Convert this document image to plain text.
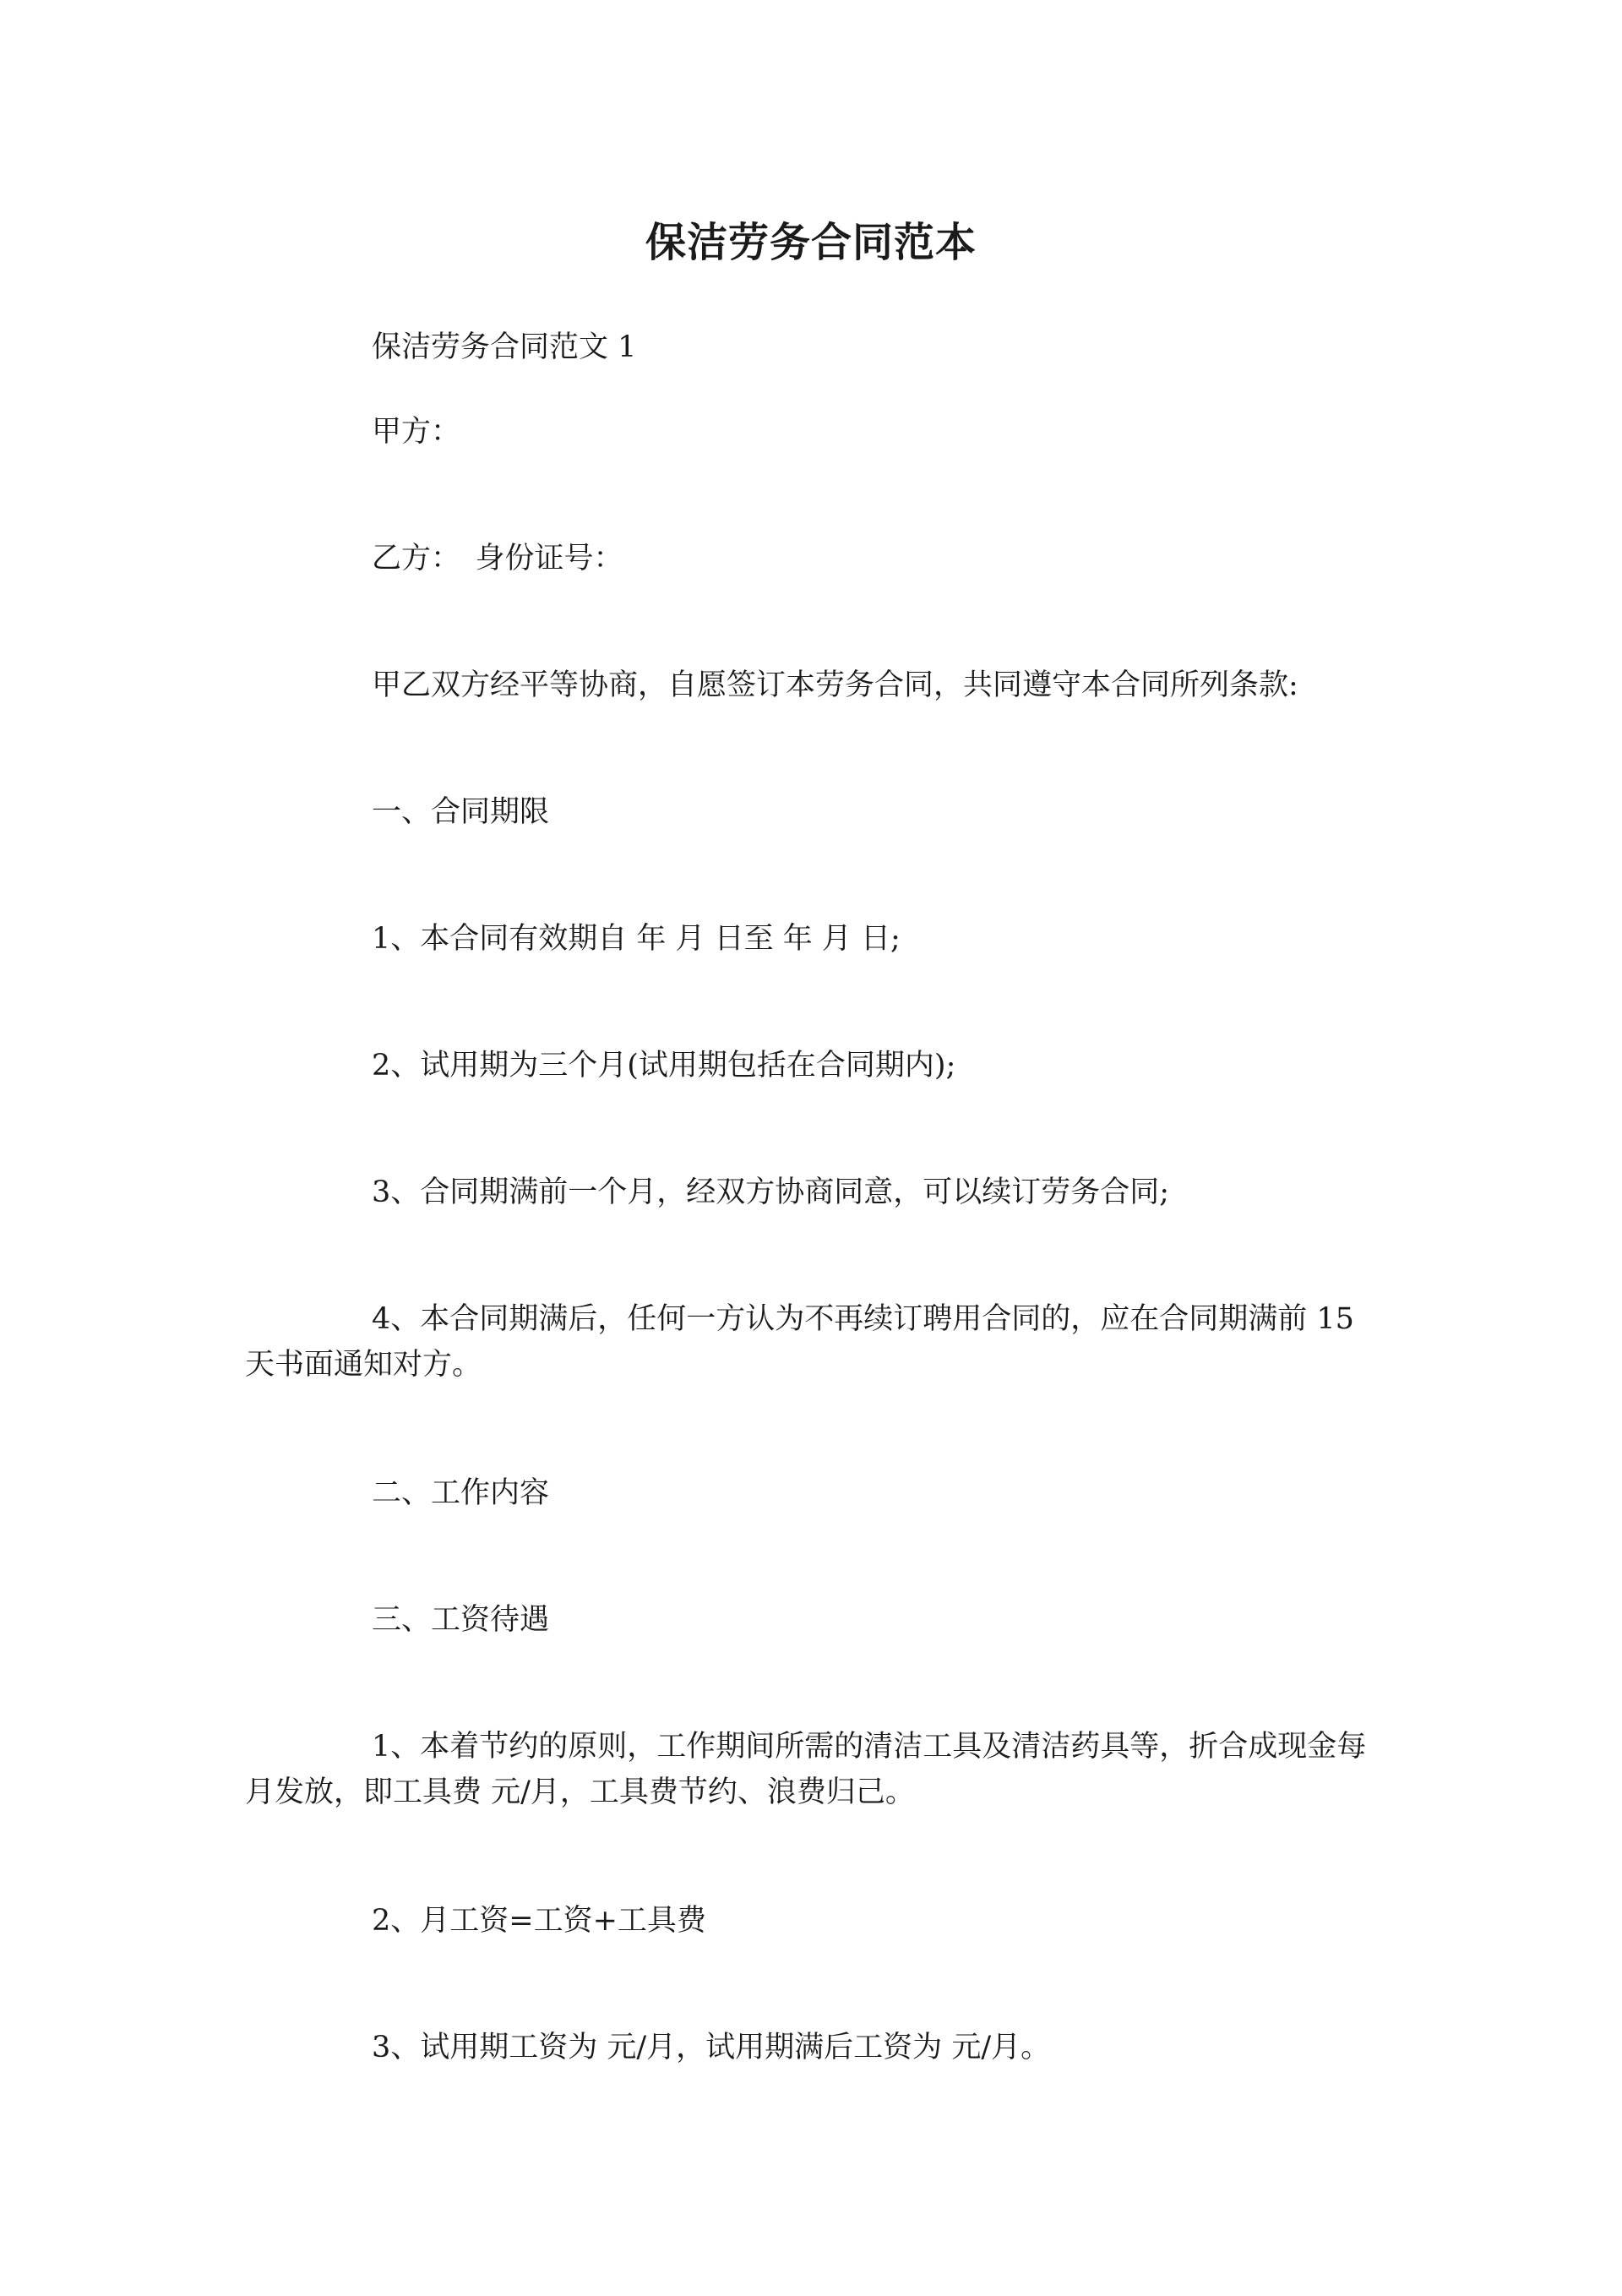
保洁劳务合同范本

保洁劳务合同范文 1

甲方：

乙方：　身份证号：

甲乙双方经平等协商，自愿签订本劳务合同，共同遵守本合同所列条款:

一、合同期限

1、本合同有效期自 年 月 日至 年 月 日;

2、试用期为三个月(试用期包括在合同期内);

3、合同期满前一个月，经双方协商同意，可以续订劳务合同;

4、本合同期满后，任何一方认为不再续订聘用合同的，应在合同期满前 15 天书面通知对方。

二、工作内容

三、工资待遇

1、本着节约的原则，工作期间所需的清洁工具及清洁药具等，折合成现金每月发放，即工具费 元/月，工具费节约、浪费归己。

2、月工资=工资+工具费

3、试用期工资为 元/月，试用期满后工资为 元/月。
